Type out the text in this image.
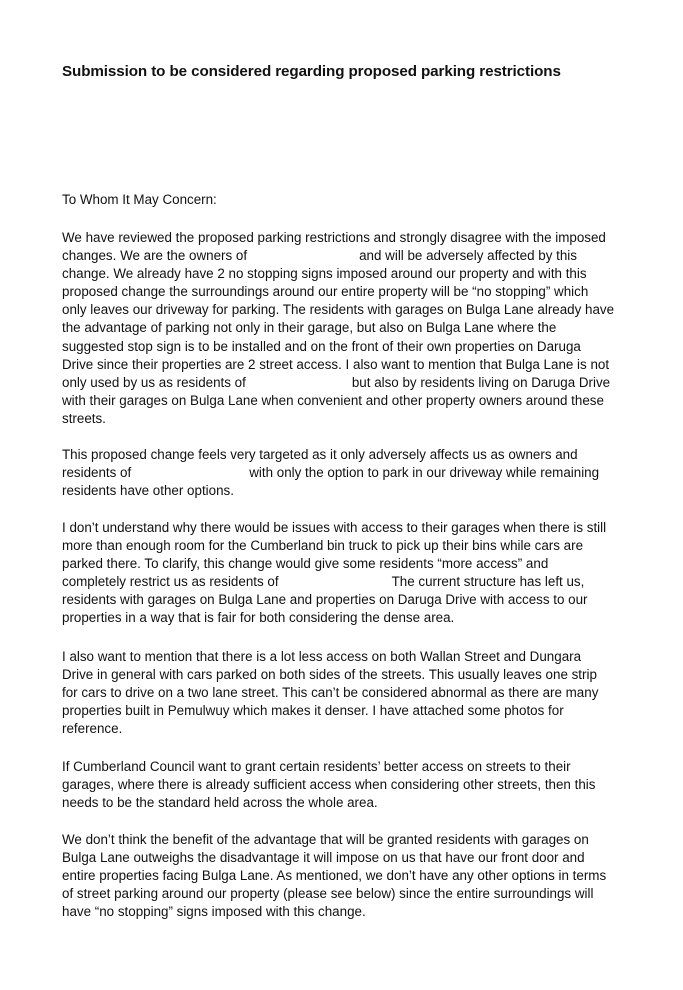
Submission to be considered regarding proposed parking restrictions

To Whom It May Concern:

We have reviewed the proposed parking restrictions and strongly disagree with the imposed
changes. We are the owners of	and will be adversely affected by this
change. We already have 2 no stopping signs imposed around our property and with this
proposed change the surroundings around our entire property will be “no stopping” which
only leaves our driveway for parking. The residents with garages on Bulga Lane already have
the advantage of parking not only in their garage, but also on Bulga Lane where the
suggested stop sign is to be installed and on the front of their own properties on Daruga
Drive since their properties are 2 street access. I also want to mention that Bulga Lane is not
only used by us as residents of	but also by residents living on Daruga Drive
with their garages on Bulga Lane when convenient and other property owners around these
streets.
This proposed change feels very targeted as it only adversely affects us as owners and
residents of	with only the option to park in our driveway while remaining
residents have other options.
I don’t understand why there would be issues with access to their garages when there is still
more than enough room for the Cumberland bin truck to pick up their bins while cars are
parked there. To clarify, this change would give some residents “more access” and
completely restrict us as residents of	The current structure has left us,
residents with garages on Bulga Lane and properties on Daruga Drive with access to our
properties in a way that is fair for both considering the dense area.
I also want to mention that there is a lot less access on both Wallan Street and Dungara
Drive in general with cars parked on both sides of the streets. This usually leaves one strip
for cars to drive on a two lane street. This can’t be considered abnormal as there are many
properties built in Pemulwuy which makes it denser. I have attached some photos for
reference.
If Cumberland Council want to grant certain residents’ better access on streets to their
garages, where there is already sufficient access when considering other streets, then this
needs to be the standard held across the whole area.
We don’t think the benefit of the advantage that will be granted residents with garages on
Bulga Lane outweighs the disadvantage it will impose on us that have our front door and
entire properties facing Bulga Lane. As mentioned, we don’t have any other options in terms
of street parking around our property (please see below) since the entire surroundings will
have “no stopping” signs imposed with this change.
